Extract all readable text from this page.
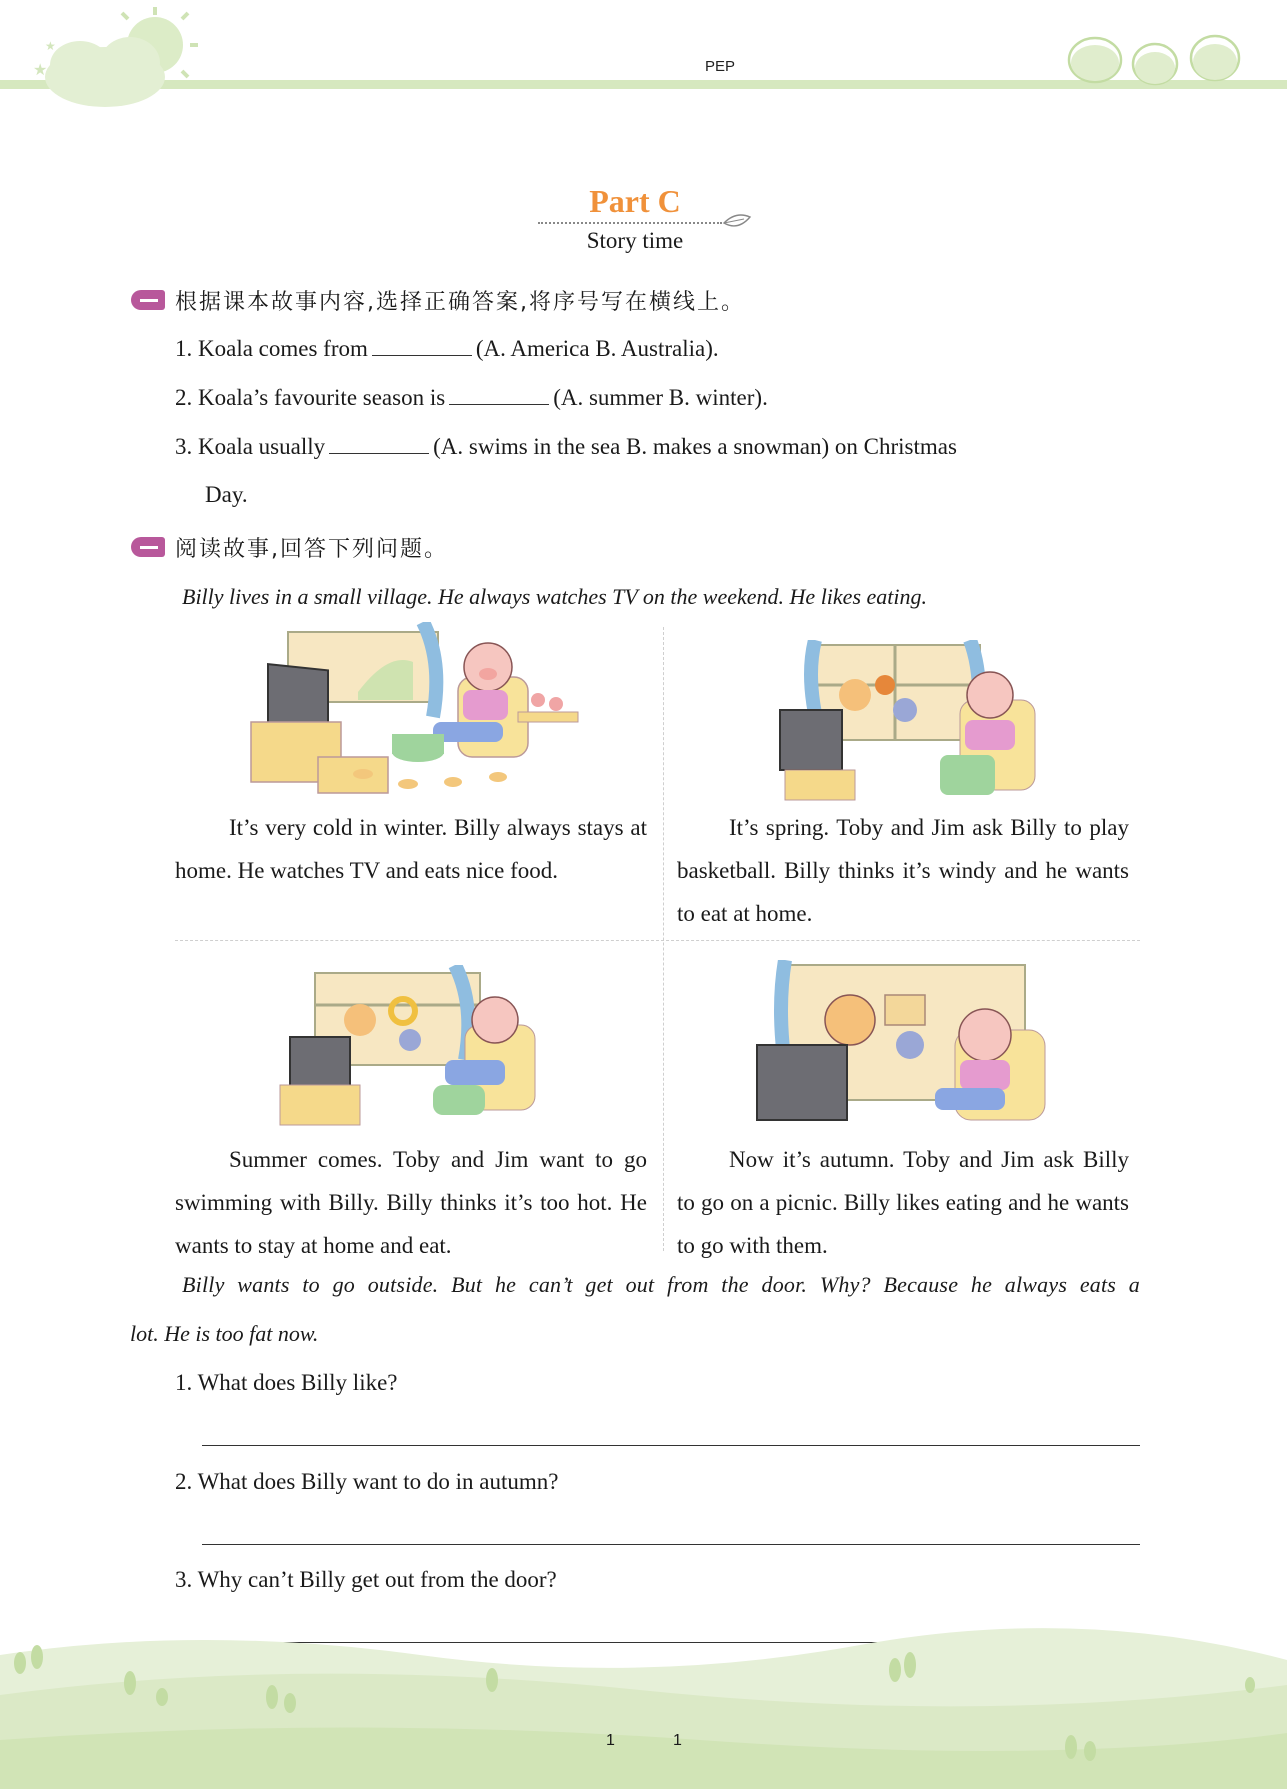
★
★
PEP
Part C
Story time
根据课本故事内容,选择正确答案,将序号写在横线上。
1. Koala comes from	(A. America B. Australia).
2. Koala’s favourite season is	(A. summer B. winter).
3. Koala usually	(A. swims in the sea B. makes a snowman) on Christmas
Day.
阅读故事,回答下列问题。
Billy lives in a small village. He always watches TV on the weekend. He likes eating.
It’s very cold in winter. Billy always stays at home. He watches TV and eats nice food.
It’s spring. Toby and Jim ask Billy to play basketball. Billy thinks it’s windy and he wants to eat at home.
Summer comes. Toby and Jim want to go swimming with Billy. Billy thinks it’s too hot. He wants to stay at home and eat.
Now it’s autumn. Toby and Jim ask Billy to go on a picnic. Billy likes eating and he wants to go with them.
Billy wants to go outside. But he can’t get out from the door. Why? Because he always eats a
lot. He is too fat now.
1. What does Billy like?
2. What does Billy want to do in autumn?
3. Why can’t Billy get out from the door?
1	1
